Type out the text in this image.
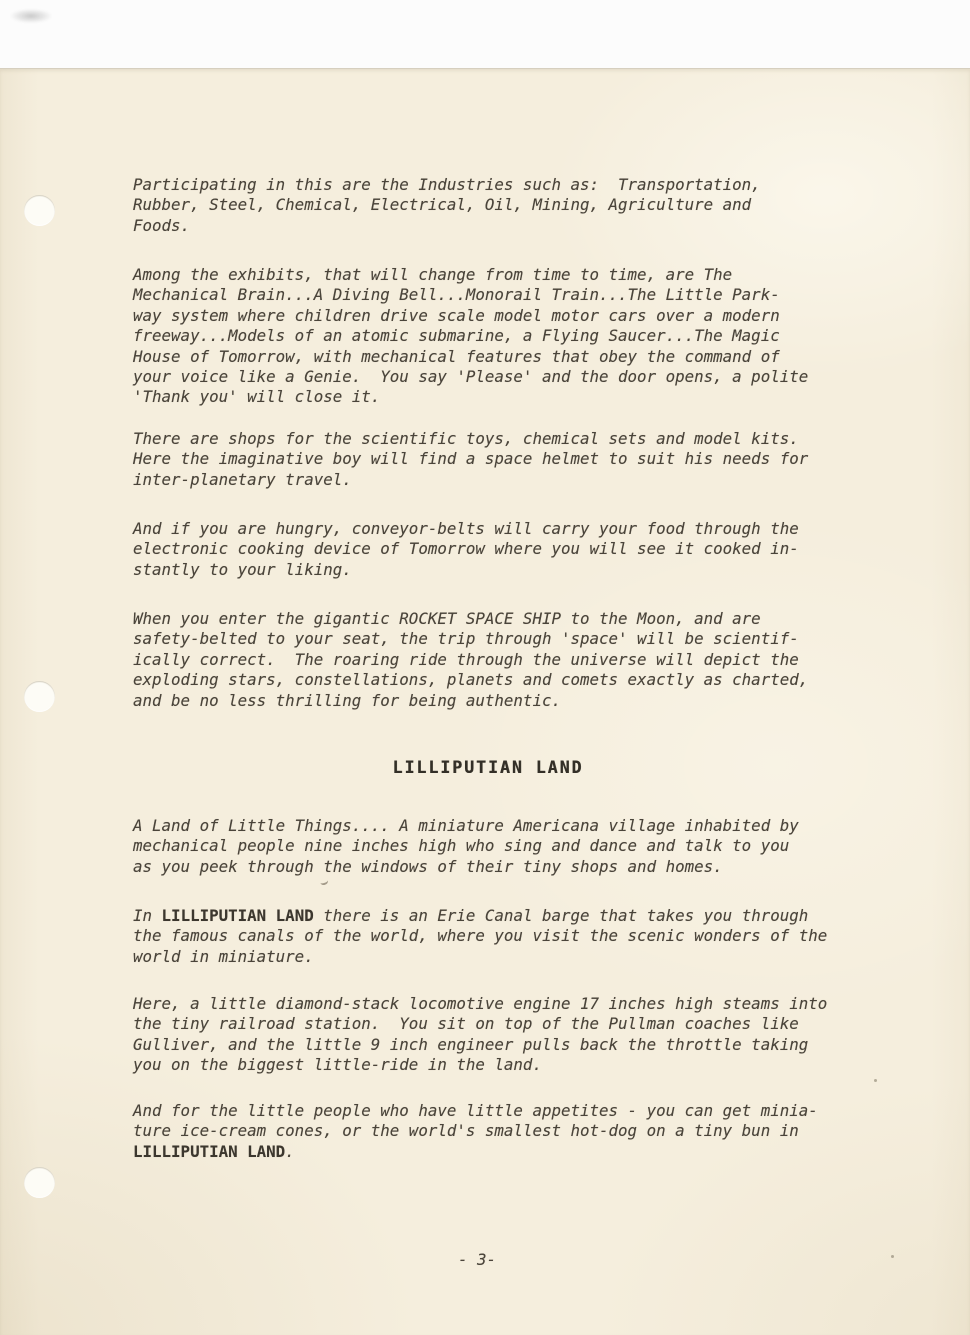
Participating in this are the Industries such as:  Transportation,
Rubber, Steel, Chemical, Electrical, Oil, Mining, Agriculture and
Foods.
Among the exhibits, that will change from time to time, are The
Mechanical Brain...A Diving Bell...Monorail Train...The Little Park-
way system where children drive scale model motor cars over a modern
freeway...Models of an atomic submarine, a Flying Saucer...The Magic
House of Tomorrow, with mechanical features that obey the command of
your voice like a Genie.  You say 'Please' and the door opens, a polite
'Thank you' will close it.
There are shops for the scientific toys, chemical sets and model kits.
Here the imaginative boy will find a space helmet to suit his needs for
inter-planetary travel.
And if you are hungry, conveyor-belts will carry your food through the
electronic cooking device of Tomorrow where you will see it cooked in-
stantly to your liking.
When you enter the gigantic ROCKET SPACE SHIP to the Moon, and are
safety-belted to your seat, the trip through 'space' will be scientif-
ically correct.  The roaring ride through the universe will depict the
exploding stars, constellations, planets and comets exactly as charted,
and be no less thrilling for being authentic.
LILLIPUTIAN LAND
A Land of Little Things.... A miniature Americana village inhabited by
mechanical people nine inches high who sing and dance and talk to you
as you peek through the windows of their tiny shops and homes.
In LILLIPUTIAN LAND there is an Erie Canal barge that takes you through
the famous canals of the world, where you visit the scenic wonders of the
world in miniature.
Here, a little diamond-stack locomotive engine 17 inches high steams into
the tiny railroad station.  You sit on top of the Pullman coaches like
Gulliver, and the little 9 inch engineer pulls back the throttle taking
you on the biggest little-ride in the land.
And for the little people who have little appetites - you can get minia-
ture ice-cream cones, or the world's smallest hot-dog on a tiny bun in
LILLIPUTIAN LAND.
- 3-
